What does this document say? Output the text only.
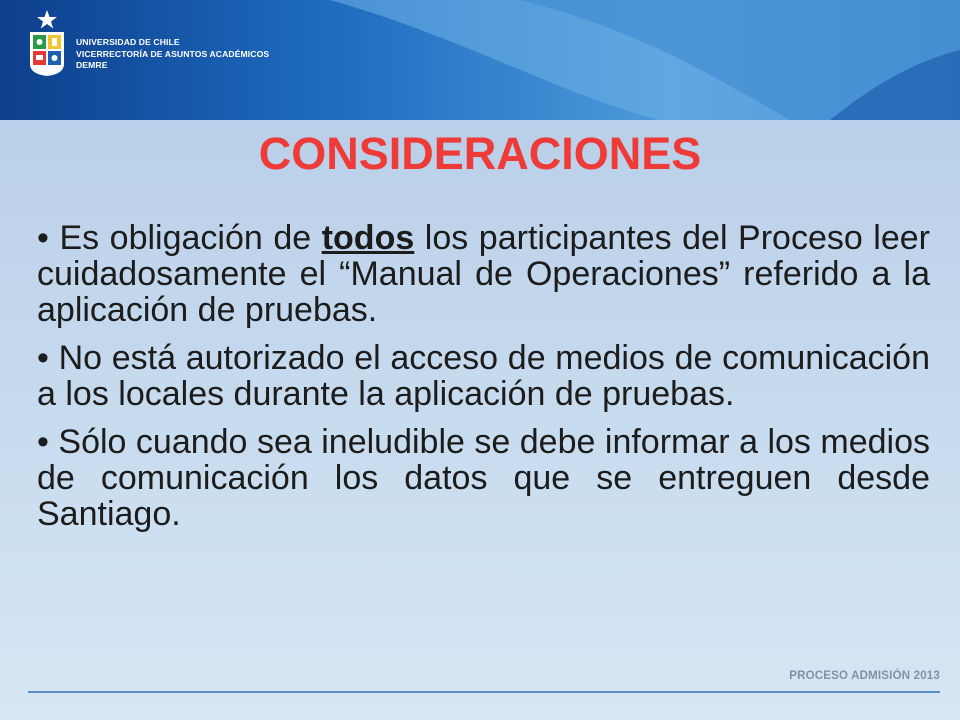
UNIVERSIDAD DE CHILE
VICERRECTORÍA DE ASUNTOS ACADÉMICOS
DEMRE
CONSIDERACIONES

• Es obligación de todos los participantes del Proceso leer cuidadosamente el “Manual de Operaciones” referido a la aplicación de pruebas.

• No está autorizado el acceso de medios de comunicación a los locales durante la aplicación de pruebas.

• Sólo cuando sea ineludible se debe informar a los medios de comunicación los datos que se entreguen desde Santiago.

PROCESO ADMISIÓN 2013
